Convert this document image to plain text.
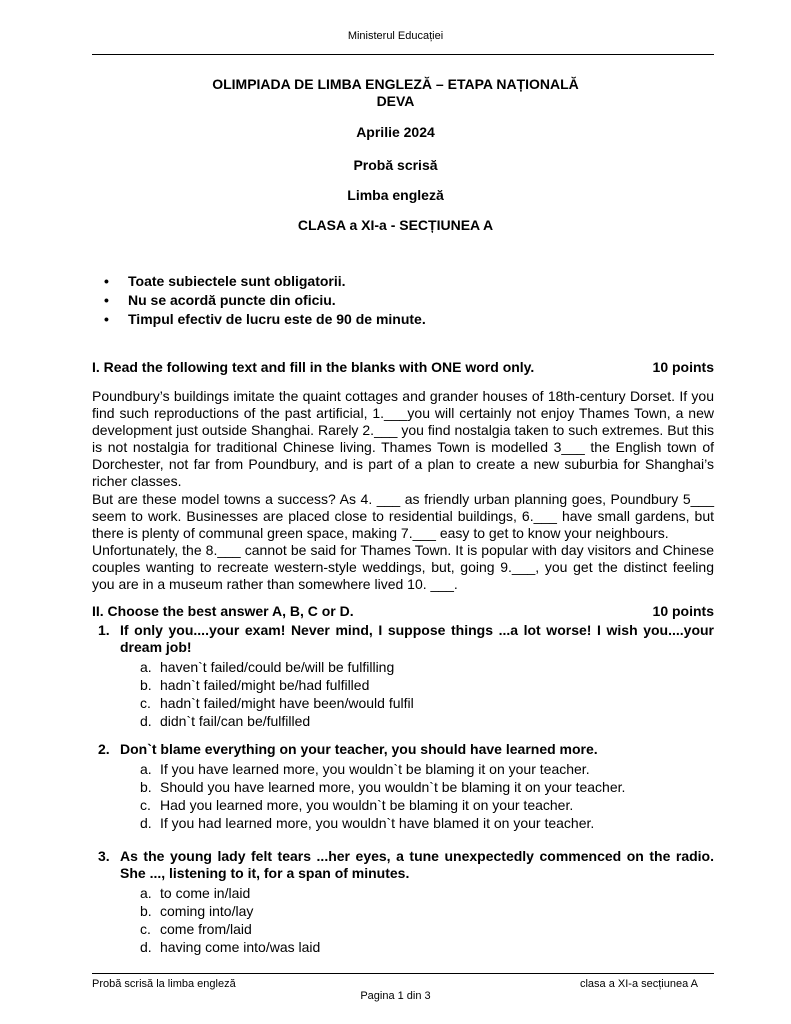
Ministerul Educației
OLIMPIADA DE LIMBA ENGLEZĂ – ETAPA NAȚIONALĂ
DEVA
Aprilie 2024
Probă scrisă
Limba engleză
CLASA a XI-a - SECȚIUNEA A
• Toate subiectele sunt obligatorii.
• Nu se acordă puncte din oficiu.
• Timpul efectiv de lucru este de 90 de minute.
I. Read the following text and fill in the blanks with ONE word only.	10 points

Poundbury’s buildings imitate the quaint cottages and grander houses of 18th-century Dorset. If you find such reproductions of the past artificial, 1.___you will certainly not enjoy Thames Town, a new development just outside Shanghai. Rarely 2.___ you find nostalgia taken to such extremes. But this is not nostalgia for traditional Chinese living. Thames Town is modelled 3___ the English town of Dorchester, not far from Poundbury, and is part of a plan to create a new suburbia for Shanghai’s richer classes.

But are these model towns a success? As 4. ___ as friendly urban planning goes, Poundbury 5___ seem to work. Businesses are placed close to residential buildings, 6.___ have small gardens, but there is plenty of communal green space, making 7.___ easy to get to know your neighbours.

Unfortunately, the 8.___ cannot be said for Thames Town. It is popular with day visitors and Chinese couples wanting to recreate western-style weddings, but, going 9.___, you get the distinct feeling you are in a museum rather than somewhere lived 10. ___.

II. Choose the best answer A, B, C or D.	10 points
1. If only you....your exam! Never mind, I suppose things ...a lot worse! I wish you....your dream job!
a. haven`t failed/could be/will be fulfilling
b. hadn`t failed/might be/had fulfilled
c. hadn`t failed/might have been/would fulfil
d. didn`t fail/can be/fulfilled
2. Don`t blame everything on your teacher, you should have learned more.
a. If you have learned more, you wouldn`t be blaming it on your teacher.
b. Should you have learned more, you wouldn`t be blaming it on your teacher.
c. Had you learned more, you wouldn`t be blaming it on your teacher.
d. If you had learned more, you wouldn`t have blamed it on your teacher.
3. As the young lady felt tears ...her eyes, a tune unexpectedly commenced on the radio. She ..., listening to it, for a span of minutes.
a. to come in/laid
b. coming into/lay
c. come from/laid
d. having come into/was laid
Probă scrisă la limba engleză	clasa a XI-a secțiunea A
Pagina 1 din 3
